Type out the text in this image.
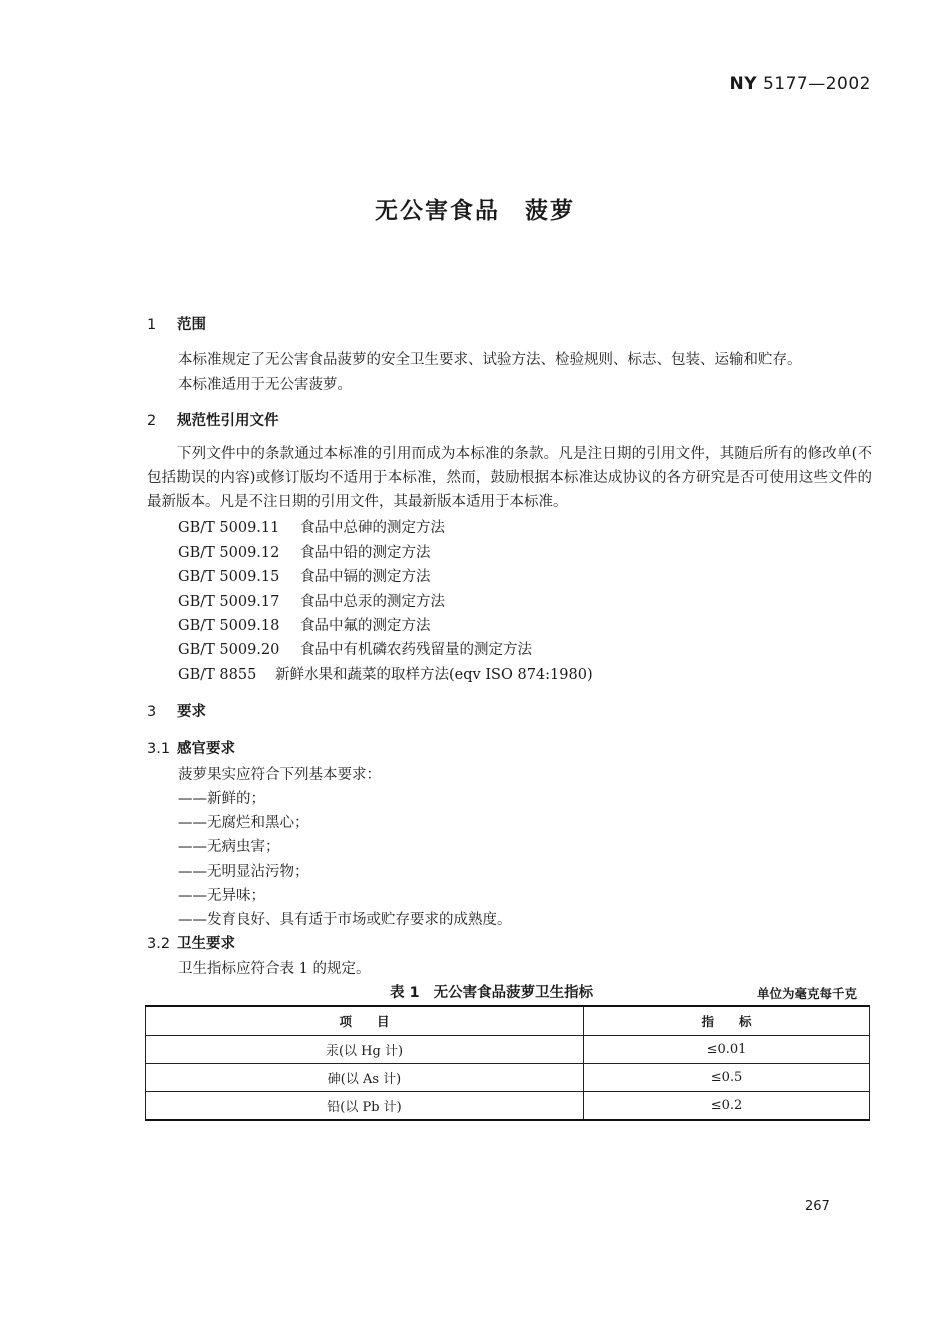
NY 5177—2002
无公害食品　菠萝
1 范围
本标准规定了无公害食品菠萝的安全卫生要求、试验方法、检验规则、标志、包装、运输和贮存。
本标准适用于无公害菠萝。
2 规范性引用文件
下列文件中的条款通过本标准的引用而成为本标准的条款。凡是注日期的引用文件，其随后所有的修改单(不包括勘误的内容)或修订版均不适用于本标准，然而，鼓励根据本标准达成协议的各方研究是否可使用这些文件的最新版本。凡是不注日期的引用文件，其最新版本适用于本标准。
GB/T 5009.11 食品中总砷的测定方法
GB/T 5009.12 食品中铅的测定方法
GB/T 5009.15 食品中镉的测定方法
GB/T 5009.17 食品中总汞的测定方法
GB/T 5009.18 食品中氟的测定方法
GB/T 5009.20 食品中有机磷农药残留量的测定方法
GB/T 8855 新鲜水果和蔬菜的取样方法(eqv ISO 874:1980)
3 要求
3.1 感官要求
菠萝果实应符合下列基本要求：
——新鲜的；
——无腐烂和黑心；
——无病虫害；
——无明显沾污物；
——无异味；
——发育良好、具有适于市场或贮存要求的成熟度。
3.2 卫生要求
卫生指标应符合表 1 的规定。
表 1 无公害食品菠萝卫生指标	单位为毫克每千克
项　　目	指　　标
汞(以 Hg 计)	≤0.01
砷(以 As 计)	≤0.5
铅(以 Pb 计)	≤0.2
267
